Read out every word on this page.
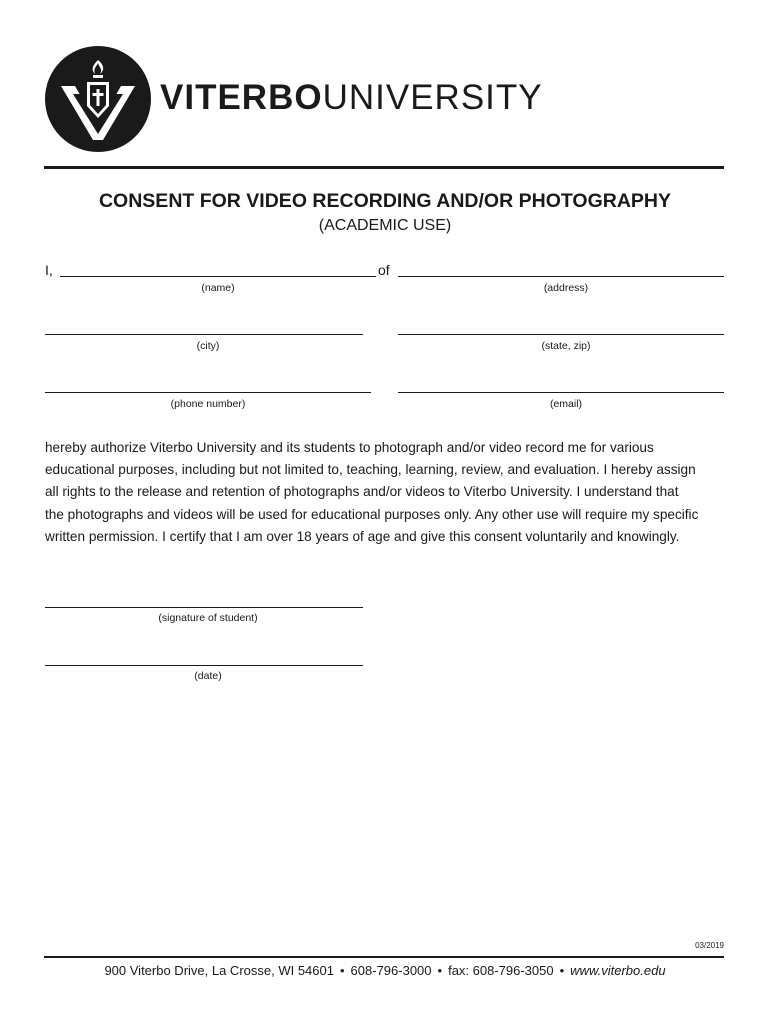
VITERBOUNIVERSITY
CONSENT FOR VIDEO RECORDING AND/OR PHOTOGRAPHY
(ACADEMIC USE)
I,	of
(name)	(address)
(city)	(state, zip)
(phone number)	(email)
hereby authorize Viterbo University and its students to photograph and/or video record me for various
educational purposes, including but not limited to, teaching, learning, review, and evaluation. I hereby assign
all rights to the release and retention of photographs and/or videos to Viterbo University. I understand that
the photographs and videos will be used for educational purposes only. Any other use will require my specific
written permission. I certify that I am over 18 years of age and give this consent voluntarily and knowingly.
(signature of student)
(date)
03/2019
900 Viterbo Drive, La Crosse, WI 54601 • 608-796-3000 • fax: 608-796-3050 • www.viterbo.edu
